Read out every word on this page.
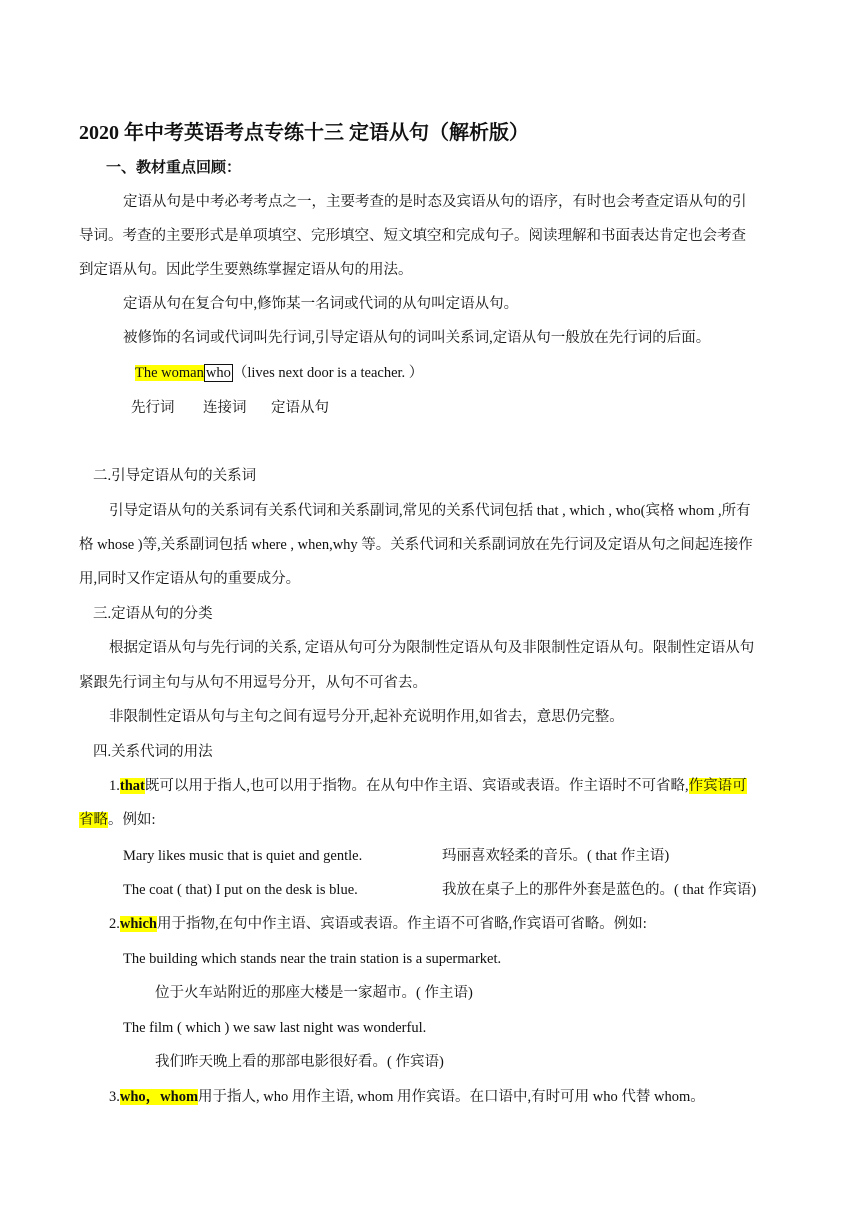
2020 年中考英语考点专练十三 定语从句（解析版）
一、教材重点回顾：
定语从句是中考必考考点之一，主要考查的是时态及宾语从句的语序，有时也会考查定语从句的引
导词。考查的主要形式是单项填空、完形填空、短文填空和完成句子。阅读理解和书面表达肯定也会考查
到定语从句。因此学生要熟练掌握定语从句的用法。
定语从句在复合句中,修饰某一名词或代词的从句叫定语从句。
被修饰的名词或代词叫先行词,引导定语从句的词叫关系词,定语从句一般放在先行词的后面。
The woman who （lives next door is a teacher. ）
先行词 连接词 定语从句
二.引导定语从句的关系词
引导定语从句的关系词有关系代词和关系副词,常见的关系代词包括 that , which , who(宾格 whom ,所有
格 whose )等,关系副词包括 where , when,why 等。关系代词和关系副词放在先行词及定语从句之间起连接作
用,同时又作定语从句的重要成分。
三.定语从句的分类
根据定语从句与先行词的关系, 定语从句可分为限制性定语从句及非限制性定语从句。限制性定语从句
紧跟先行词主句与从句不用逗号分开，从句不可省去。
非限制性定语从句与主句之间有逗号分开,起补充说明作用,如省去，意思仍完整。
四.关系代词的用法
1.that既可以用于指人,也可以用于指物。在从句中作主语、宾语或表语。作主语时不可省略,作宾语可
省略。例如:
Mary likes music that is quiet and gentle.	玛丽喜欢轻柔的音乐。( that 作主语)
The coat ( that) I put on the desk is blue.	我放在桌子上的那件外套是蓝色的。( that 作宾语)
2.which用于指物,在句中作主语、宾语或表语。作主语不可省略,作宾语可省略。例如:
The building which stands near the train station is a supermarket.
位于火车站附近的那座大楼是一家超市。( 作主语)
The film ( which ) we saw last night was wonderful.
我们昨天晚上看的那部电影很好看。( 作宾语)
3.who，whom用于指人, who 用作主语, whom 用作宾语。在口语中,有时可用 who 代替 whom。
